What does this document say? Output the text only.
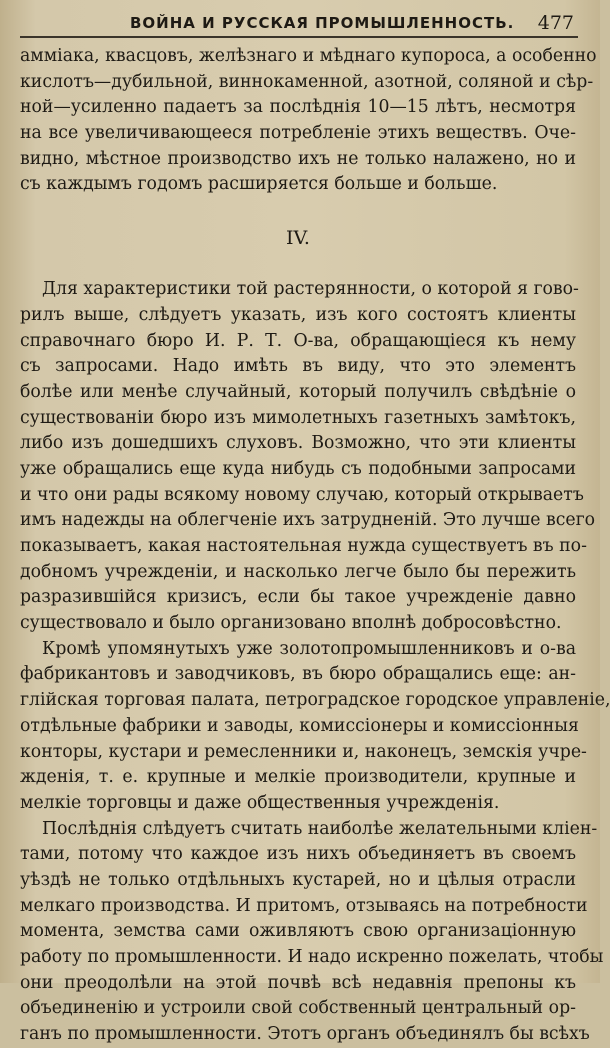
ВОЙНА И РУССКАЯ ПРОМЫШЛЕННОСТЬ. 477
амміака, квасцовъ, желѣзнаго и мѣднаго купороса, а особенно
кислотъ—дубильной, виннокаменной, азотной, соляной и сѣр-
ной—усиленно падаетъ за послѣднія 10—15 лѣтъ, несмотря
на все увеличивающееся потребленіе этихъ веществъ. Оче-
видно, мѣстное производство ихъ не только налажено, но и
съ каждымъ годомъ расширяется больше и больше.
IV.
Для характеристики той растерянности, о которой я гово-
рилъ выше, слѣдуетъ указать, изъ кого состоятъ клиенты
справочнаго бюро И. Р. Т. О-ва, обращающіеся къ нему
съ запросами. Надо имѣть въ виду, что это элементъ
болѣе или менѣе случайный, который получилъ свѣдѣніе о
существованіи бюро изъ мимолетныхъ газетныхъ замѣтокъ,
либо изъ дошедшихъ слуховъ. Возможно, что эти клиенты
уже обращались еще куда нибудь съ подобными запросами
и что они рады всякому новому случаю, который открываетъ
имъ надежды на облегченіе ихъ затрудненій. Это лучше всего
показываетъ, какая настоятельная нужда существуетъ въ по-
добномъ учрежденіи, и насколько легче было бы пережить
разразившійся кризисъ, если бы такое учрежденіе давно
существовало и было организовано вполнѣ добросовѣстно.
Кромѣ упомянутыхъ уже золотопромышленниковъ и о-ва
фабрикантовъ и заводчиковъ, въ бюро обращались еще: ан-
глійская торговая палата, петроградское городское управленіе,
отдѣльные фабрики и заводы, комиссіонеры и комиссіонныя
конторы, кустари и ремесленники и, наконецъ, земскія учре-
жденія, т. е. крупные и мелкіе производители, крупные и
мелкіе торговцы и даже общественныя учрежденія.
Послѣднія слѣдуетъ считать наиболѣе желательными клiен-
тами, потому что каждое изъ нихъ объединяетъ въ своемъ
уѣздѣ не только отдѣльныхъ кустарей, но и цѣлыя отрасли
мелкаго производства. И притомъ, отзываясь на потребности
момента, земства сами оживляютъ свою организаціонную
работу по промышленности. И надо искренно пожелать, чтобы
они преодолѣли на этой почвѣ всѣ недавнія препоны къ
объединенію и устроили свой собственный центральный ор-
ганъ по промышленности. Этотъ органъ объединялъ бы всѣхъ
